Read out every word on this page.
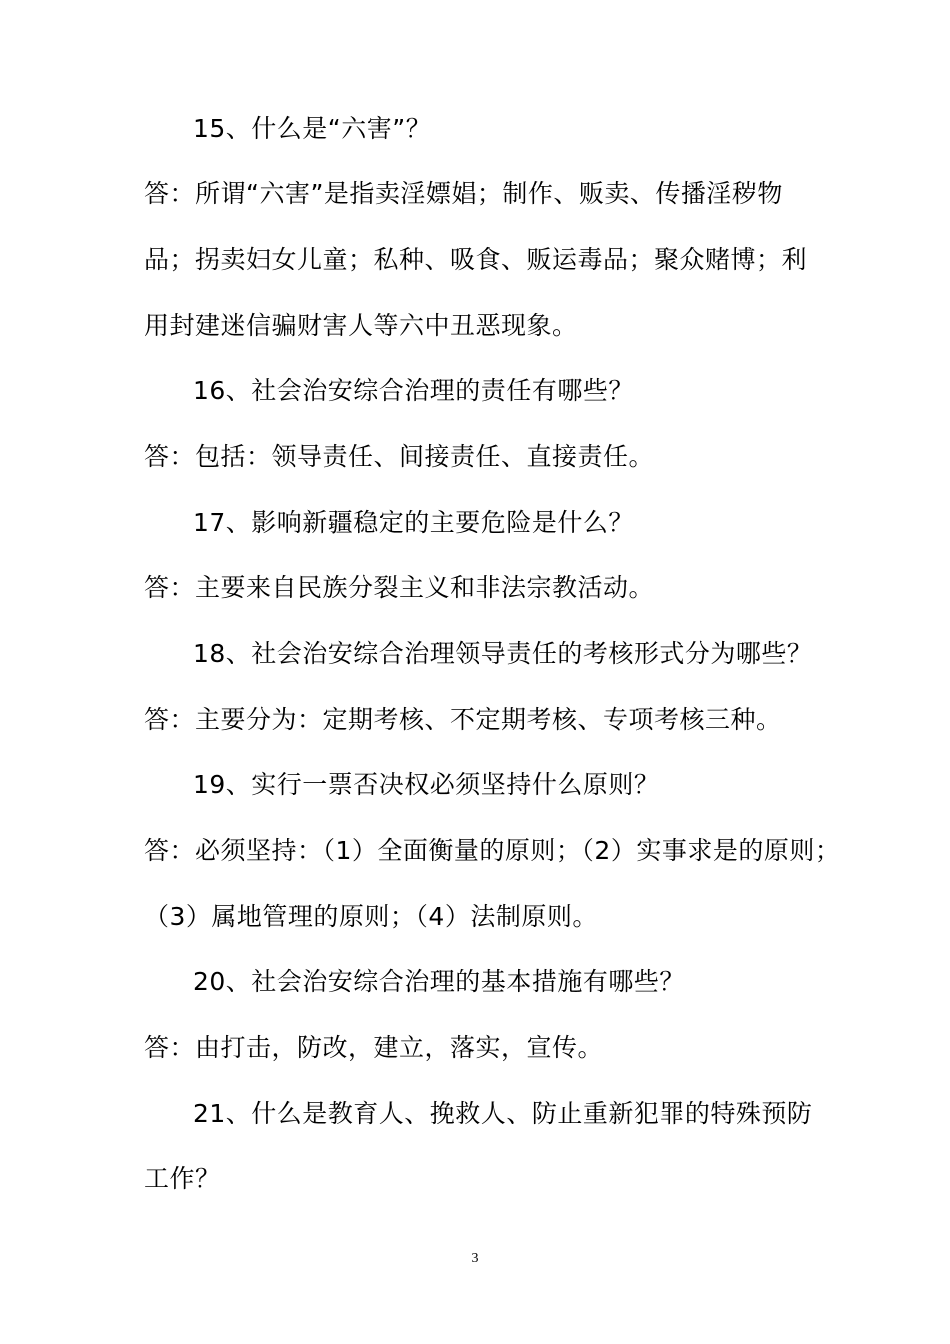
15、什么是“六害”？
答：所谓“六害”是指卖淫嫖娼；制作、贩卖、传播淫秽物
品；拐卖妇女儿童；私种、吸食、贩运毒品；聚众赌博；利
用封建迷信骗财害人等六中丑恶现象。
16、社会治安综合治理的责任有哪些？
答：包括：领导责任、间接责任、直接责任。
17、影响新疆稳定的主要危险是什么？
答：主要来自民族分裂主义和非法宗教活动。
18、社会治安综合治理领导责任的考核形式分为哪些？
答：主要分为：定期考核、不定期考核、专项考核三种。
19、实行一票否决权必须坚持什么原则？
答：必须坚持：（1）全面衡量的原则；（2）实事求是的原则；
（3）属地管理的原则；（4）法制原则。
20、社会治安综合治理的基本措施有哪些？
答：由打击，防改，建立，落实，宣传。
21、什么是教育人、挽救人、防止重新犯罪的特殊预防
工作？
3
